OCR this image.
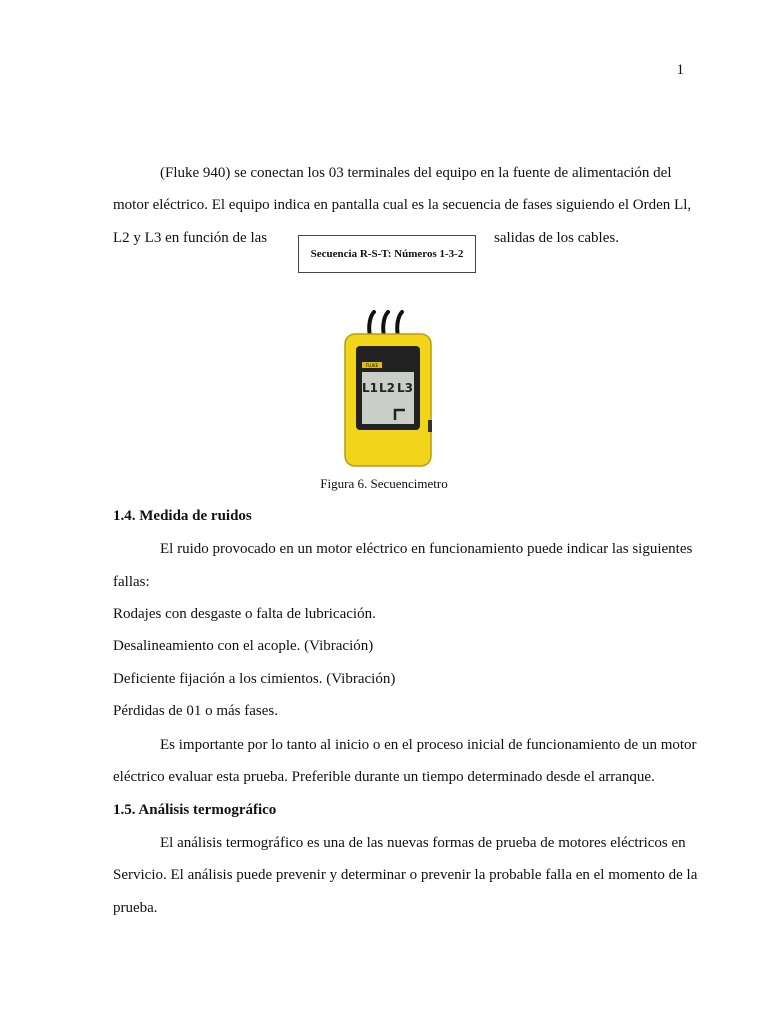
1
(Fluke 940) se conectan los 03 terminales del equipo en la fuente de alimentación del
motor eléctrico. El equipo indica en pantalla cual es la secuencia de fases siguiendo el Orden Ll,
L2 y L3 en función de las	salidas de los cables.
Secuencia R-S-T: Números 1-3-2
FLUKE
L1 L2 L3
Figura 6. Secuencimetro
1.4. Medida de ruidos
El ruido provocado en un motor eléctrico en funcionamiento puede indicar las siguientes
fallas:
Rodajes con desgaste o falta de lubricación.
Desalineamiento con el acople. (Vibración)
Deficiente fijación a los cimientos. (Vibración)
Pérdidas de 01 o más fases.
Es importante por lo tanto al inicio o en el proceso inicial de funcionamiento de un motor
eléctrico evaluar esta prueba. Preferible durante un tiempo determinado desde el arranque.
1.5. Análisis termográfico
El análisis termográfico es una de las nuevas formas de prueba de motores eléctricos en
Servicio. El análisis puede prevenir y determinar o prevenir la probable falla en el momento de la
prueba.
